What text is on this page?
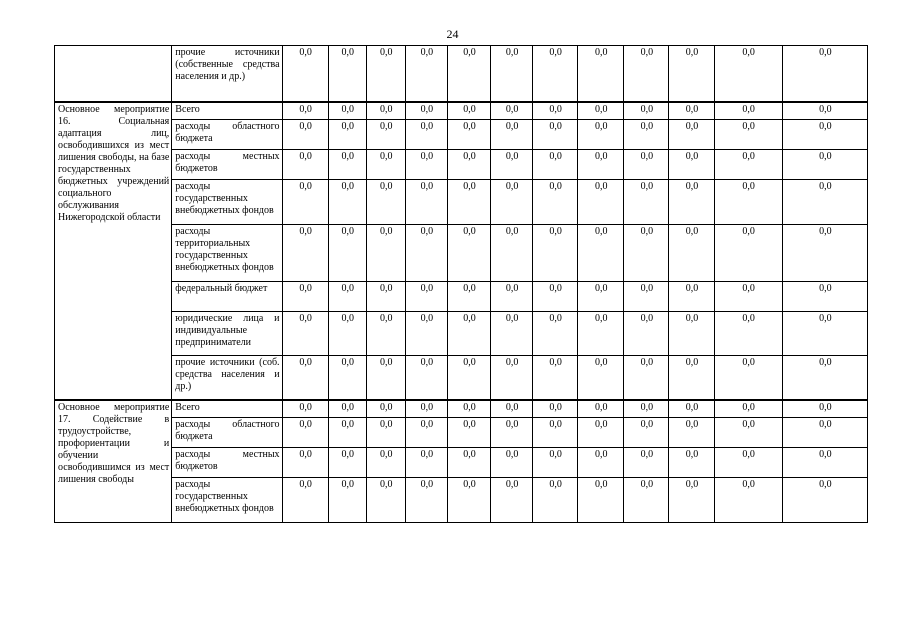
24
	прочие источники (собственные средства населения и др.)	0,0	0,0	0,0	0,0	0,0	0,0	0,0	0,0	0,0	0,0	0,0	0,0
Основное мероприятие 16. Социальная адаптация лиц, освободившихся из мест лишения свободы, на базе государственных бюджетных учреждений социального обслуживания Нижегородской области	Всего	0,0	0,0	0,0	0,0	0,0	0,0	0,0	0,0	0,0	0,0	0,0	0,0
	расходы областного бюджета	0,0	0,0	0,0	0,0	0,0	0,0	0,0	0,0	0,0	0,0	0,0	0,0
	расходы местных бюджетов	0,0	0,0	0,0	0,0	0,0	0,0	0,0	0,0	0,0	0,0	0,0	0,0
	расходы государственных внебюджетных фондов	0,0	0,0	0,0	0,0	0,0	0,0	0,0	0,0	0,0	0,0	0,0	0,0
	расходы территориальных государственных внебюджетных фондов	0,0	0,0	0,0	0,0	0,0	0,0	0,0	0,0	0,0	0,0	0,0	0,0
	федеральный бюджет	0,0	0,0	0,0	0,0	0,0	0,0	0,0	0,0	0,0	0,0	0,0	0,0
	юридические лица и индивидуальные предприниматели	0,0	0,0	0,0	0,0	0,0	0,0	0,0	0,0	0,0	0,0	0,0	0,0
	прочие источники (соб. средства населения и др.)	0,0	0,0	0,0	0,0	0,0	0,0	0,0	0,0	0,0	0,0	0,0	0,0
Основное мероприятие 17. Содействие в трудоустройстве, профориентации и обучении освободившимся из мест лишения свободы	Всего	0,0	0,0	0,0	0,0	0,0	0,0	0,0	0,0	0,0	0,0	0,0	0,0
	расходы областного бюджета	0,0	0,0	0,0	0,0	0,0	0,0	0,0	0,0	0,0	0,0	0,0	0,0
	расходы местных бюджетов	0,0	0,0	0,0	0,0	0,0	0,0	0,0	0,0	0,0	0,0	0,0	0,0
	расходы государственных внебюджетных фондов	0,0	0,0	0,0	0,0	0,0	0,0	0,0	0,0	0,0	0,0	0,0	0,0
